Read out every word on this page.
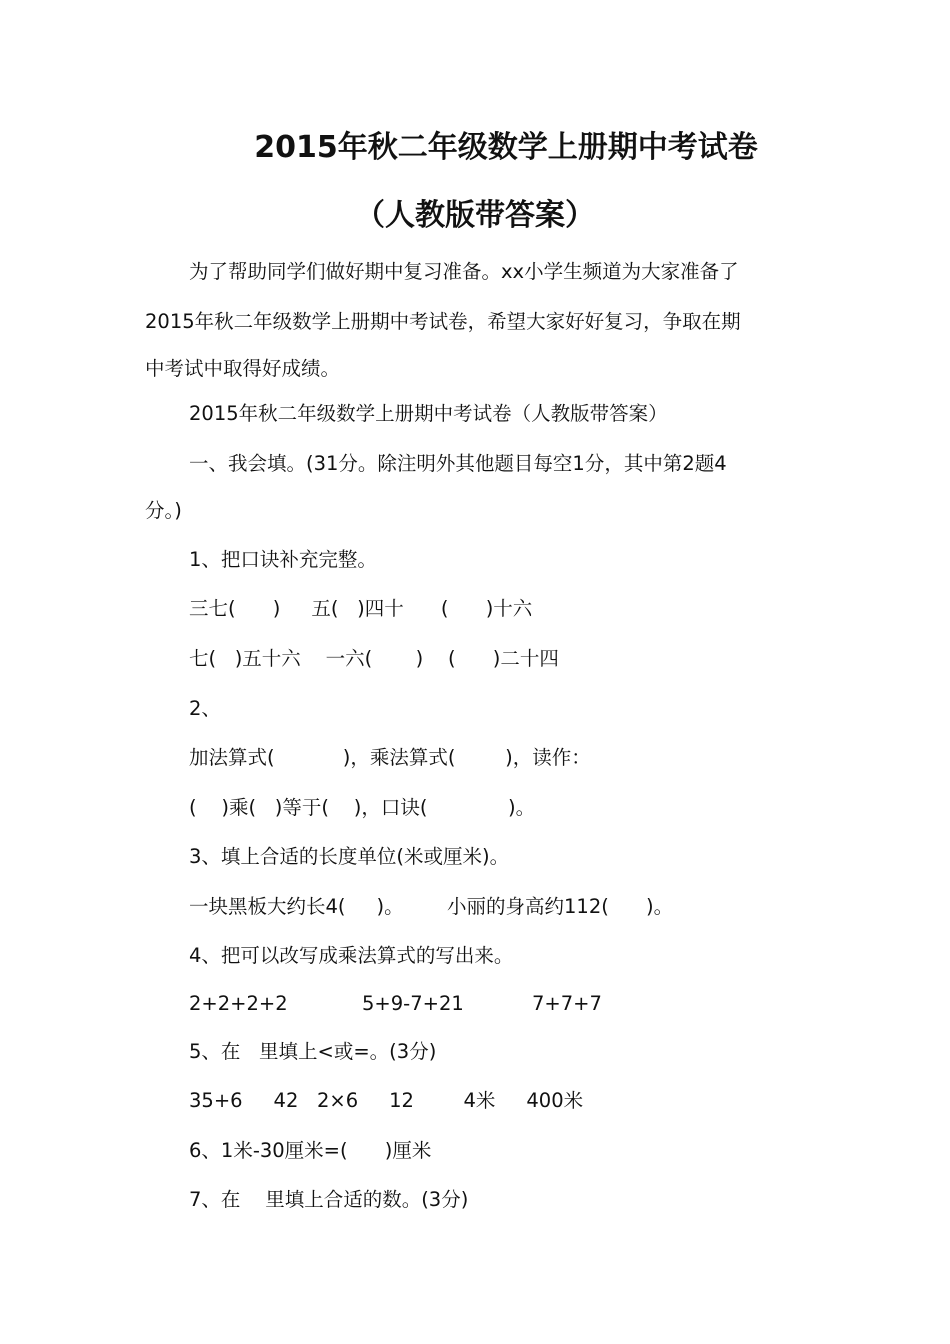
2015年秋二年级数学上册期中考试卷
（人教版带答案）
为了帮助同学们做好期中复习准备。xx小学生频道为大家准备了
2015年秋二年级数学上册期中考试卷，希望大家好好复习，争取在期
中考试中取得好成绩。
2015年秋二年级数学上册期中考试卷（人教版带答案）
一、我会填。(31分。除注明外其他题目每空1分，其中第2题4
分。)
1、把口诀补充完整。
三七(      )     五(   )四十      (      )十六
七(   )五十六    一六(       )    (      )二十四
2、
加法算式(           )，乘法算式(        )，读作：
(    )乘(   )等于(    )，口诀(             )。
3、填上合适的长度单位(米或厘米)。
一块黑板大约长4(     )。       小丽的身高约112(      )。
4、把可以改写成乘法算式的写出来。
2+2+2+2            5+9-7+21           7+7+7
5、在   里填上<或=。(3分)
35+6     42   2×6     12        4米     400米
6、1米-30厘米=(      )厘米
7、在    里填上合适的数。(3分)
